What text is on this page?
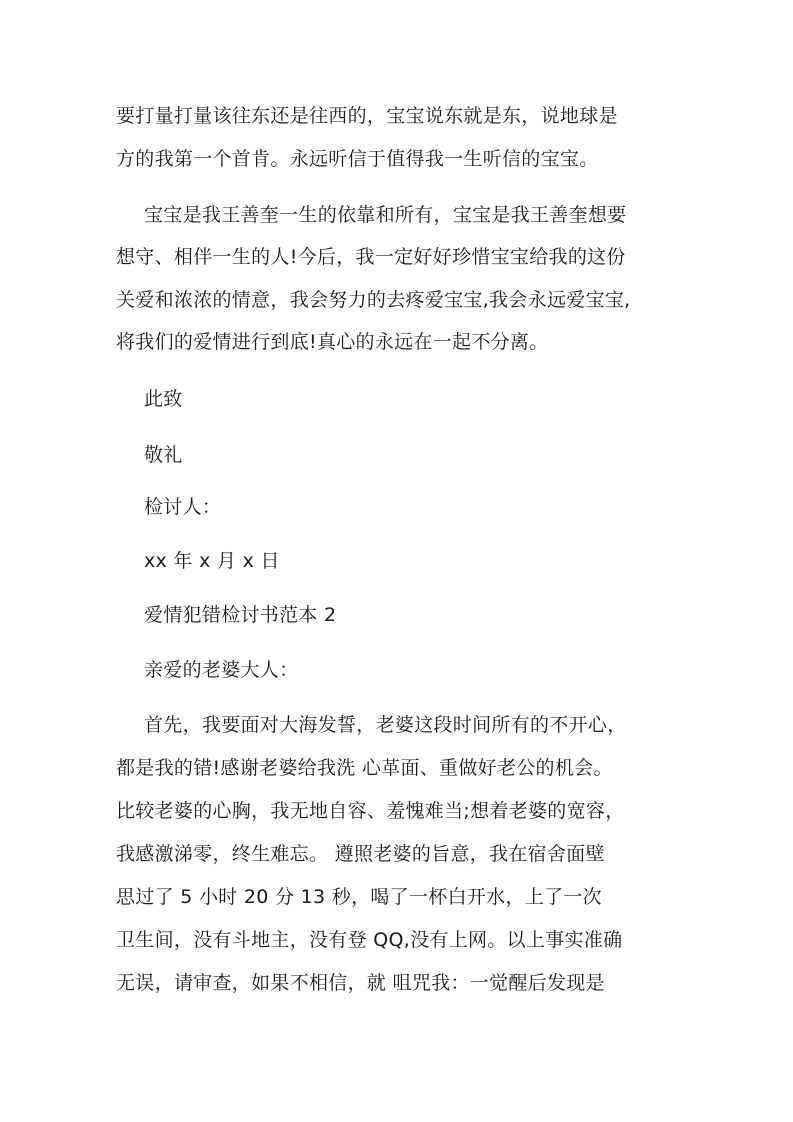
要打量打量该往东还是往西的，宝宝说东就是东，说地球是
方的我第一个首肯。永远听信于值得我一生听信的宝宝。
宝宝是我王善奎一生的依靠和所有，宝宝是我王善奎想要
想守、相伴一生的人!今后，我一定好好珍惜宝宝给我的这份
关爱和浓浓的情意，我会努力的去疼爱宝宝,我会永远爱宝宝,
将我们的爱情进行到底!真心的永远在一起不分离。
此致
敬礼
检讨人：
xx 年 x 月 x 日
爱情犯错检讨书范本 2
亲爱的老婆大人：
首先，我要面对大海发誓，老婆这段时间所有的不开心，
都是我的错!感谢老婆给我洗 心革面、重做好老公的机会。
比较老婆的心胸，我无地自容、羞愧难当;想着老婆的宽容，
我感激涕零，终生难忘。 遵照老婆的旨意，我在宿舍面壁
思过了 5 小时 20 分 13 秒，喝了一杯白开水，上了一次
卫生间，没有斗地主，没有登 QQ,没有上网。以上事实准确
无误，请审查，如果不相信，就 咀咒我：一觉醒后发现是
